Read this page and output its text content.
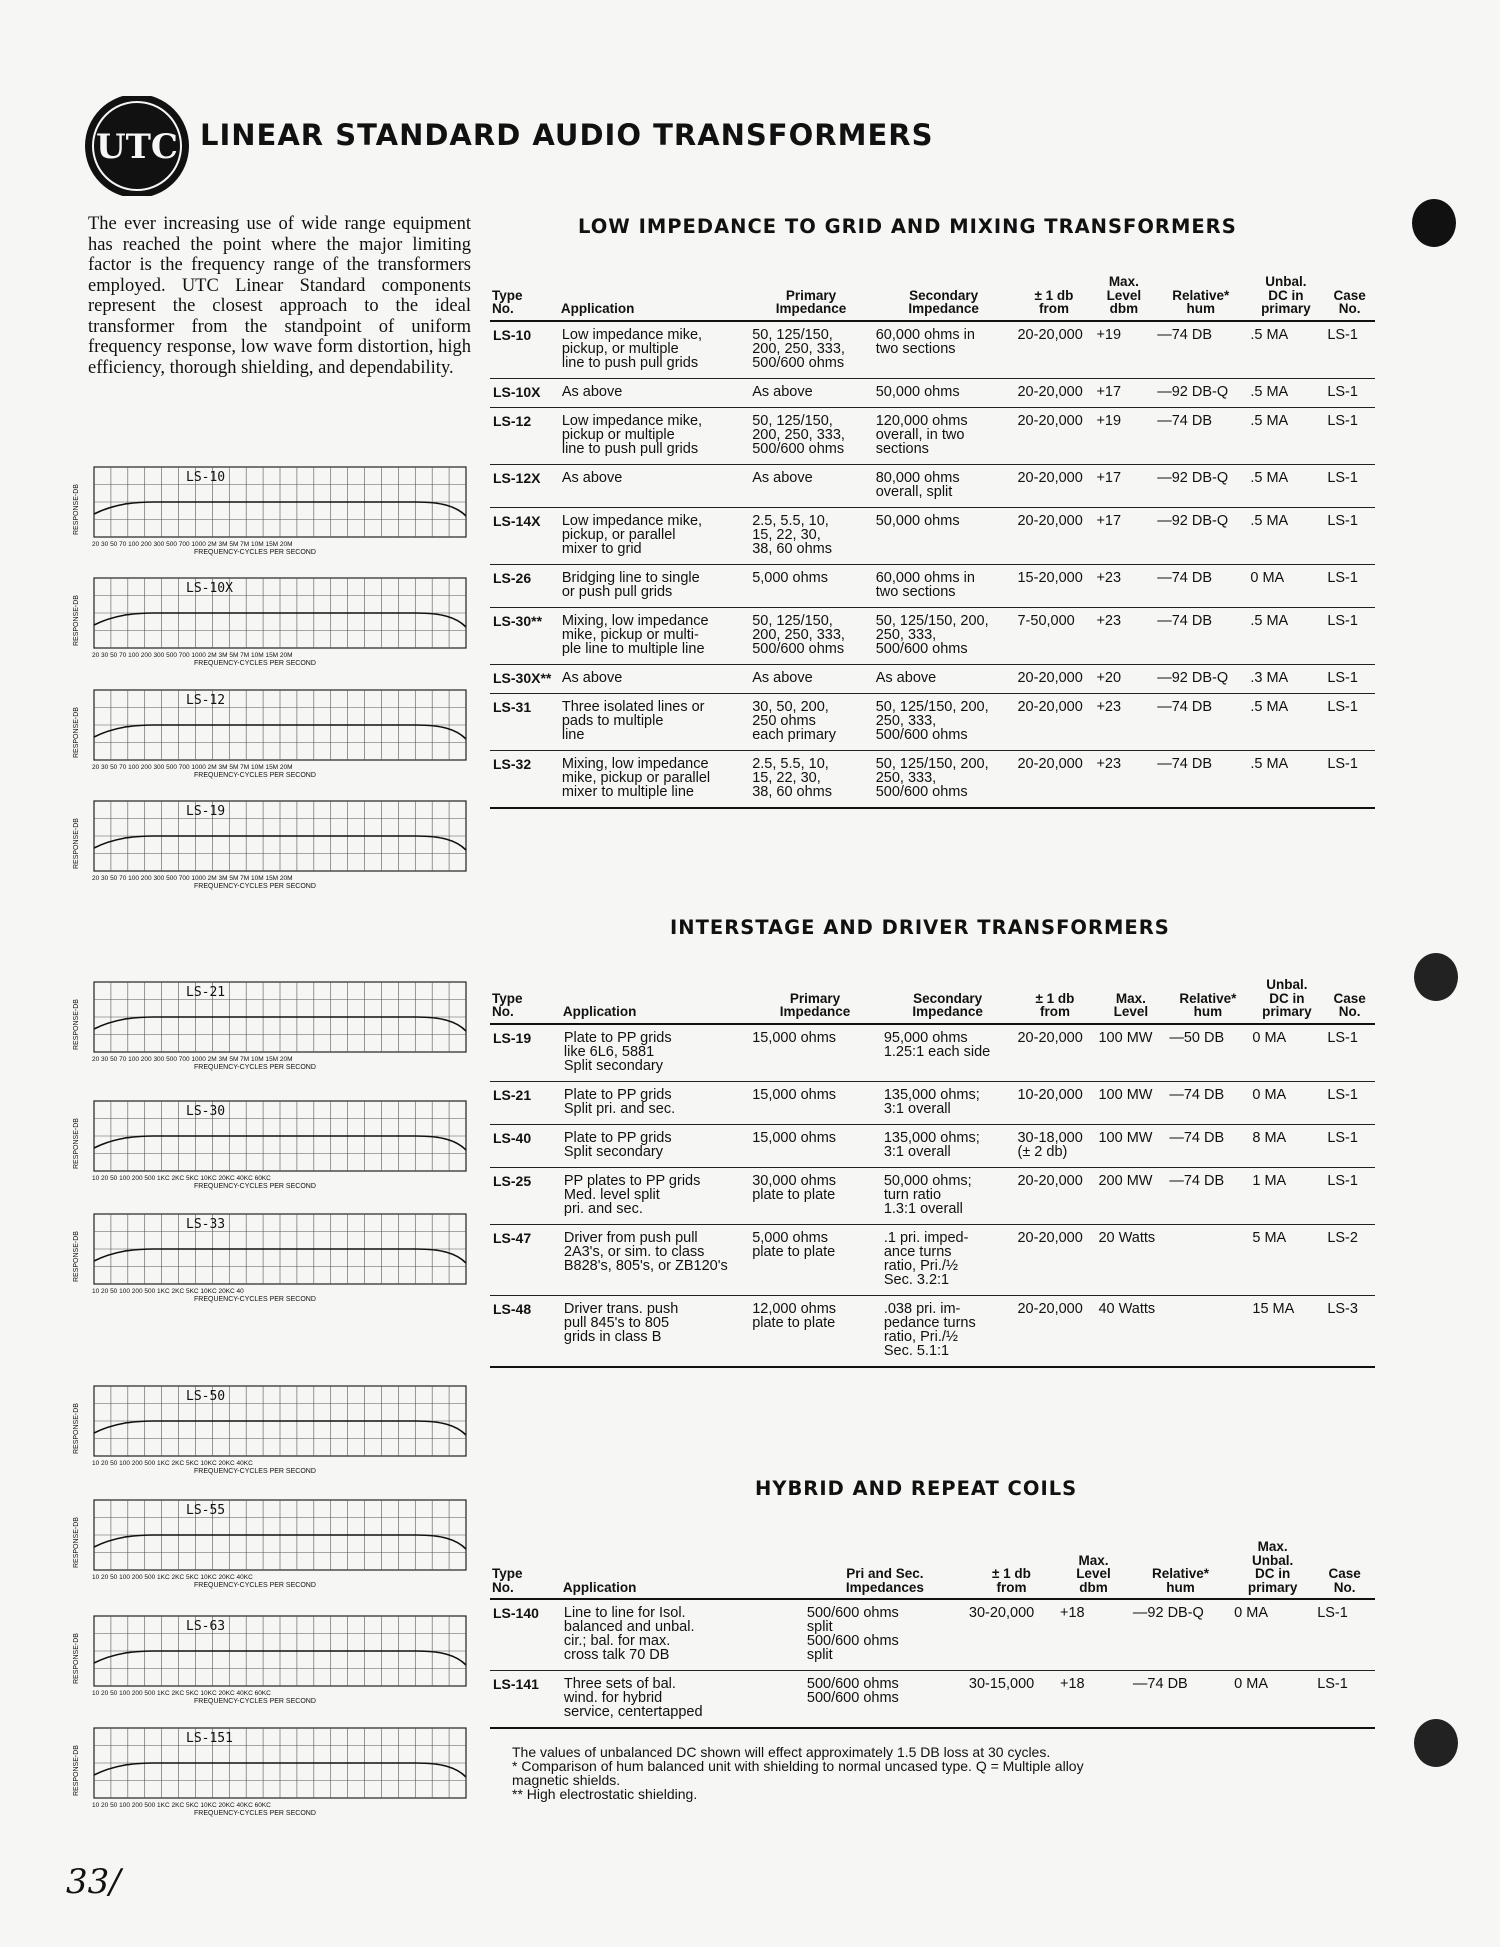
UTC LINEAR STANDARD AUDIO TRANSFORMERS
The ever increasing use of wide range equipment has reached the point where the major limiting factor is the frequency range of the transformers employed. UTC Linear Standard components represent the closest approach to the ideal transformer from the standpoint of uniform frequency response, low wave form distortion, high efficiency, thorough shielding, and dependability.
LS-10
RESPONSE-DB
20 30 50 70 100 200 300 500 700 1000 2M 3M 5M 7M 10M 15M 20M
FREQUENCY-CYCLES PER SECOND
LS-10X
RESPONSE-DB
20 30 50 70 100 200 300 500 700 1000 2M 3M 5M 7M 10M 15M 20M
FREQUENCY-CYCLES PER SECOND
LS-12
RESPONSE-DB
20 30 50 70 100 200 300 500 700 1000 2M 3M 5M 7M 10M 15M 20M
FREQUENCY-CYCLES PER SECOND
LS-19
RESPONSE-DB
20 30 50 70 100 200 300 500 700 1000 2M 3M 5M 7M 10M 15M 20M
FREQUENCY-CYCLES PER SECOND
LS-21
RESPONSE-DB
20 30 50 70 100 200 300 500 700 1000 2M 3M 5M 7M 10M 15M 20M
FREQUENCY-CYCLES PER SECOND
LS-30
RESPONSE-DB
10 20 50 100 200 500 1KC 2KC 5KC 10KC 20KC 40KC 60KC
FREQUENCY-CYCLES PER SECOND
LS-33
RESPONSE-DB
10 20 50 100 200 500 1KC 2KC 5KC 10KC 20KC 40
FREQUENCY-CYCLES PER SECOND
LS-50
RESPONSE-DB
10 20 50 100 200 500 1KC 2KC 5KC 10KC 20KC 40KC
FREQUENCY-CYCLES PER SECOND
LS-55
RESPONSE-DB
10 20 50 100 200 500 1KC 2KC 5KC 10KC 20KC 40KC
FREQUENCY-CYCLES PER SECOND
LS-63
RESPONSE-DB
10 20 50 100 200 500 1KC 2KC 5KC 10KC 20KC 40KC 60KC
FREQUENCY-CYCLES PER SECOND
LS-151
RESPONSE-DB
10 20 50 100 200 500 1KC 2KC 5KC 10KC 20KC 40KC 60KC
FREQUENCY-CYCLES PER SECOND
LOW IMPEDANCE TO GRID AND MIXING TRANSFORMERS
INTERSTAGE AND DRIVER TRANSFORMERS
HYBRID AND REPEAT COILS
Type
No.	Application	Primary
Impedance	Secondary
Impedance	± 1 db
from	Max.
Level
dbm	Relative*
hum	Unbal.
DC in
primary	Case
No.
LS-10	Low impedance mike,
pickup, or multiple
line to push pull grids	50, 125/150,
200, 250, 333,
500/600 ohms	60,000 ohms in
two sections	20-20,000	+19	—74 DB	.5 MA	LS-1
LS-10X	As above	As above	50,000 ohms	20-20,000	+17	—92 DB-Q	.5 MA	LS-1
LS-12	Low impedance mike,
pickup or multiple
line to push pull grids	50, 125/150,
200, 250, 333,
500/600 ohms	120,000 ohms
overall, in two
sections	20-20,000	+19	—74 DB	.5 MA	LS-1
LS-12X	As above	As above	80,000 ohms
overall, split	20-20,000	+17	—92 DB-Q	.5 MA	LS-1
LS-14X	Low impedance mike,
pickup, or parallel
mixer to grid	2.5, 5.5, 10,
15, 22, 30,
38, 60 ohms	50,000 ohms	20-20,000	+17	—92 DB-Q	.5 MA	LS-1
LS-26	Bridging line to single
or push pull grids	5,000 ohms	60,000 ohms in
two sections	15-20,000	+23	—74 DB	0 MA	LS-1
LS-30**	Mixing, low impedance
mike, pickup or multi-
ple line to multiple line	50, 125/150,
200, 250, 333,
500/600 ohms	50, 125/150, 200,
250, 333,
500/600 ohms	7-50,000	+23	—74 DB	.5 MA	LS-1
LS-30X**	As above	As above	As above	20-20,000	+20	—92 DB-Q	.3 MA	LS-1
LS-31	Three isolated lines or
pads to multiple
line	30, 50, 200,
250 ohms
each primary	50, 125/150, 200,
250, 333,
500/600 ohms	20-20,000	+23	—74 DB	.5 MA	LS-1
LS-32	Mixing, low impedance
mike, pickup or parallel
mixer to multiple line	2.5, 5.5, 10,
15, 22, 30,
38, 60 ohms	50, 125/150, 200,
250, 333,
500/600 ohms	20-20,000	+23	—74 DB	.5 MA	LS-1
Type
No.	Application	Primary
Impedance	Secondary
Impedance	± 1 db
from	Max.
Level	Relative*
hum	Unbal.
DC in
primary	Case
No.
LS-19	Plate to PP grids
like 6L6, 5881
Split secondary	15,000 ohms	95,000 ohms
1.25:1 each side	20-20,000	100 MW	—50 DB	0 MA	LS-1
LS-21	Plate to PP grids
Split pri. and sec.	15,000 ohms	135,000 ohms;
3:1 overall	10-20,000	100 MW	—74 DB	0 MA	LS-1
LS-40	Plate to PP grids
Split secondary	15,000 ohms	135,000 ohms;
3:1 overall	30-18,000
(± 2 db)	100 MW	—74 DB	8 MA	LS-1
LS-25	PP plates to PP grids
Med. level split
pri. and sec.	30,000 ohms
plate to plate	50,000 ohms;
turn ratio
1.3:1 overall	20-20,000	200 MW	—74 DB	1 MA	LS-1
LS-47	Driver from push pull
2A3's, or sim. to class
B828's, 805's, or ZB120's	5,000 ohms
plate to plate	.1 pri. imped-
ance turns
ratio, Pri./½
Sec. 3.2:1	20-20,000	20 Watts		5 MA	LS-2
LS-48	Driver trans. push
pull 845's to 805
grids in class B	12,000 ohms
plate to plate	.038 pri. im-
pedance turns
ratio, Pri./½
Sec. 5.1:1	20-20,000	40 Watts		15 MA	LS-3
Type
No.	Application	Pri and Sec.
Impedances	± 1 db
from	Max.
Level
dbm	Relative*
hum	Max.
Unbal.
DC in
primary	Case
No.
LS-140	Line to line for Isol.
balanced and unbal.
cir.; bal. for max.
cross talk 70 DB	500/600 ohms
split
500/600 ohms
split	30-20,000	+18	—92 DB-Q	0 MA	LS-1
LS-141	Three sets of bal.
wind. for hybrid
service, centertapped	500/600 ohms
500/600 ohms	30-15,000	+18	—74 DB	0 MA	LS-1
The values of unbalanced DC shown will effect approximately 1.5 DB loss at 30 cycles.
* Comparison of hum balanced unit with shielding to normal uncased type. Q = Multiple alloy
magnetic shields.
** High electrostatic shielding.
33/
